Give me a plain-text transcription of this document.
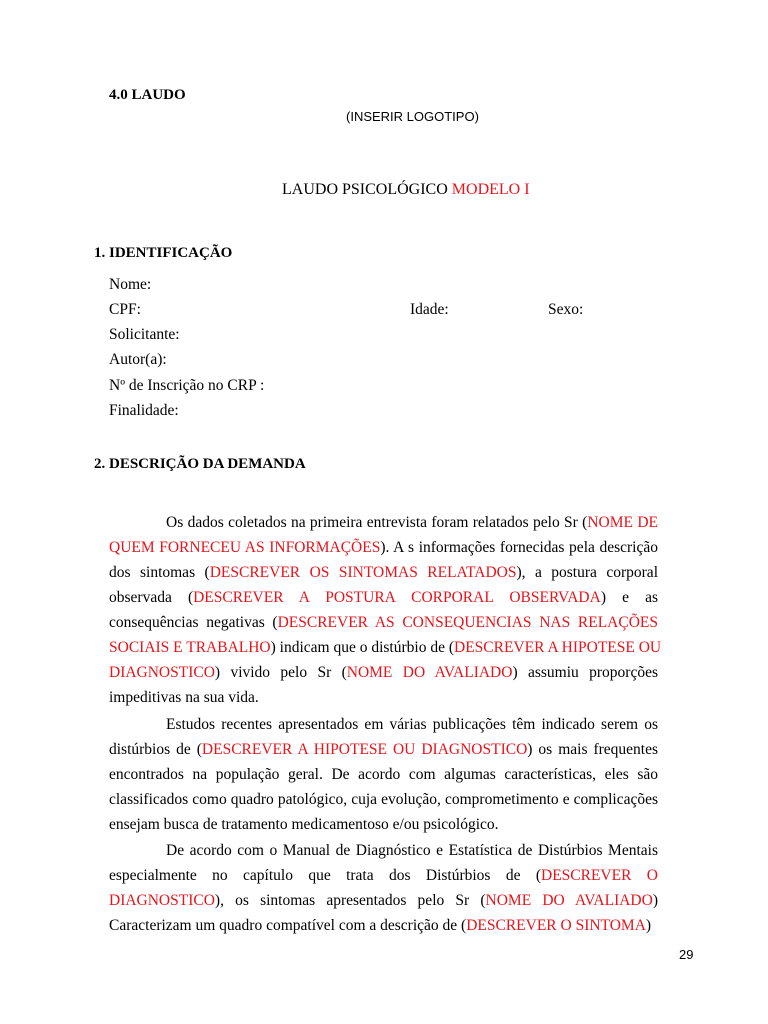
4.0 LAUDO
(INSERIR LOGOTIPO)
LAUDO PSICOLÓGICO MODELO I
1. IDENTIFICAÇÃO
Nome:
CPF:	Idade:	Sexo:
Solicitante:
Autor(a):
Nº de Inscrição no CRP :
Finalidade:
2. DESCRIÇÃO DA DEMANDA
Os dados coletados na primeira entrevista foram relatados pelo Sr (NOME DE
QUEM FORNECEU AS INFORMAÇÕES). A s informações fornecidas pela descrição
dos sintomas (DESCREVER OS SINTOMAS RELATADOS), a postura corporal
observada (DESCREVER A POSTURA CORPORAL OBSERVADA) e as
consequências negativas (DESCREVER AS CONSEQUENCIAS NAS RELAÇÕES
SOCIAIS E TRABALHO) indicam que o distúrbio de (DESCREVER A HIPOTESE OU
DIAGNOSTICO) vivido pelo Sr (NOME DO AVALIADO) assumiu proporções
impeditivas na sua vida.
Estudos recentes apresentados em várias publicações têm indicado serem os
distúrbios de (DESCREVER A HIPOTESE OU DIAGNOSTICO) os mais frequentes
encontrados na população geral. De acordo com algumas características, eles são
classificados como quadro patológico, cuja evolução, comprometimento e complicações
ensejam busca de tratamento medicamentoso e/ou psicológico.
De acordo com o Manual de Diagnóstico e Estatística de Distúrbios Mentais
especialmente no capítulo que trata dos Distúrbios de (DESCREVER O
DIAGNOSTICO), os sintomas apresentados pelo Sr (NOME DO AVALIADO)
Caracterizam um quadro compatível com a descrição de (DESCREVER O SINTOMA)
29
